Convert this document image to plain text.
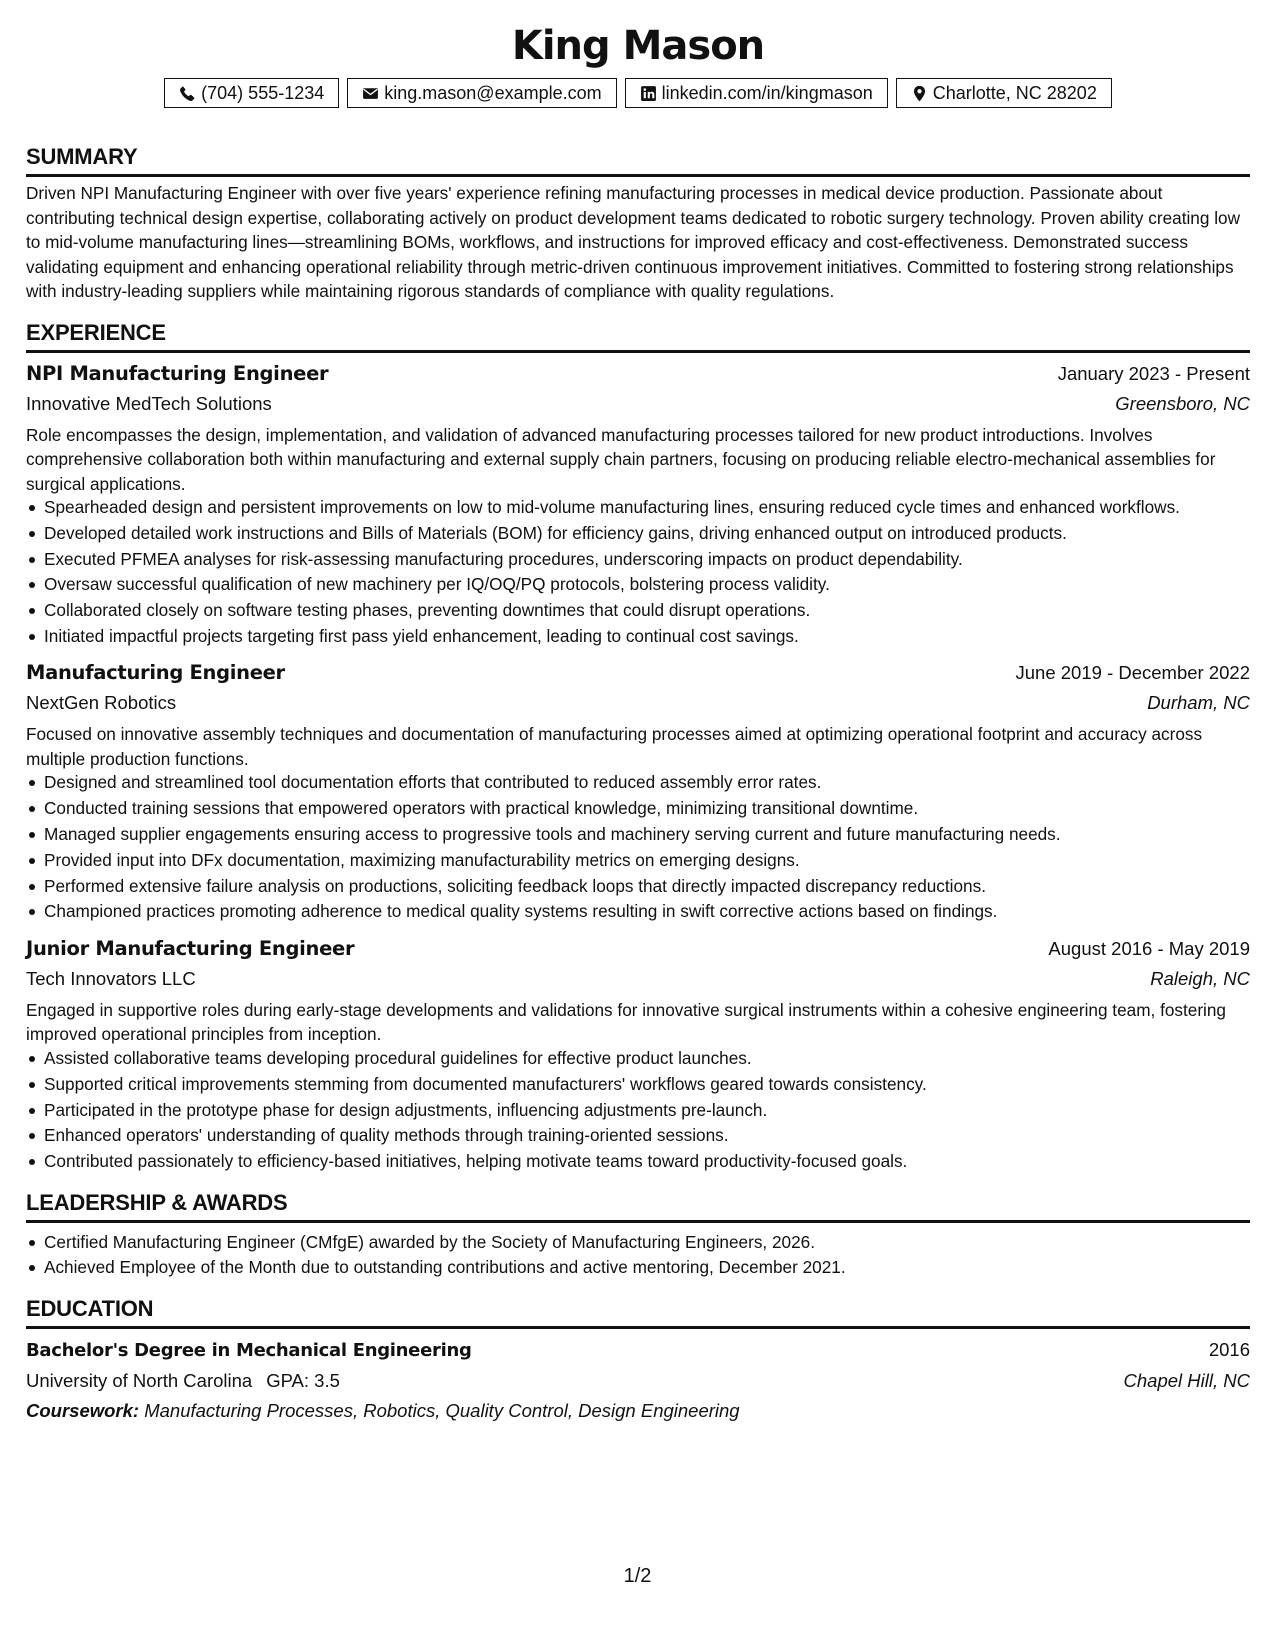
King Mason
(704) 555-1234	king.mason@example.com	linkedin.com/in/kingmason	Charlotte, NC 28202
SUMMARY

Driven NPI Manufacturing Engineer with over five years' experience refining manufacturing processes in medical device production. Passionate about contributing technical design expertise, collaborating actively on product development teams dedicated to robotic surgery technology. Proven ability creating low to mid-volume manufacturing lines—streamlining BOMs, workflows, and instructions for improved efficacy and cost-effectiveness. Demonstrated success validating equipment and enhancing operational reliability through metric-driven continuous improvement initiatives. Committed to fostering strong relationships with industry-leading suppliers while maintaining rigorous standards of compliance with quality regulations.

EXPERIENCE
NPI Manufacturing Engineer	January 2023 - Present
Innovative MedTech Solutions	Greensboro, NC

Role encompasses the design, implementation, and validation of advanced manufacturing processes tailored for new product introductions. Involves comprehensive collaboration both within manufacturing and external supply chain partners, focusing on producing reliable electro-mechanical assemblies for surgical applications.

Spearheaded design and persistent improvements on low to mid-volume manufacturing lines, ensuring reduced cycle times and enhanced workflows.
Developed detailed work instructions and Bills of Materials (BOM) for efficiency gains, driving enhanced output on introduced products.
Executed PFMEA analyses for risk-assessing manufacturing procedures, underscoring impacts on product dependability.
Oversaw successful qualification of new machinery per IQ/OQ/PQ protocols, bolstering process validity.
Collaborated closely on software testing phases, preventing downtimes that could disrupt operations.
Initiated impactful projects targeting first pass yield enhancement, leading to continual cost savings.
Manufacturing Engineer	June 2019 - December 2022
NextGen Robotics	Durham, NC

Focused on innovative assembly techniques and documentation of manufacturing processes aimed at optimizing operational footprint and accuracy across multiple production functions.

Designed and streamlined tool documentation efforts that contributed to reduced assembly error rates.
Conducted training sessions that empowered operators with practical knowledge, minimizing transitional downtime.
Managed supplier engagements ensuring access to progressive tools and machinery serving current and future manufacturing needs.
Provided input into DFx documentation, maximizing manufacturability metrics on emerging designs.
Performed extensive failure analysis on productions, soliciting feedback loops that directly impacted discrepancy reductions.
Championed practices promoting adherence to medical quality systems resulting in swift corrective actions based on findings.
Junior Manufacturing Engineer	August 2016 - May 2019
Tech Innovators LLC	Raleigh, NC

Engaged in supportive roles during early-stage developments and validations for innovative surgical instruments within a cohesive engineering team, fostering improved operational principles from inception.

Assisted collaborative teams developing procedural guidelines for effective product launches.
Supported critical improvements stemming from documented manufacturers' workflows geared towards consistency.
Participated in the prototype phase for design adjustments, influencing adjustments pre-launch.
Enhanced operators' understanding of quality methods through training-oriented sessions.
Contributed passionately to efficiency-based initiatives, helping motivate teams toward productivity-focused goals.
LEADERSHIP & AWARDS
Certified Manufacturing Engineer (CMfgE) awarded by the Society of Manufacturing Engineers, 2026.
Achieved Employee of the Month due to outstanding contributions and active mentoring, December 2021.
EDUCATION
Bachelor's Degree in Mechanical Engineering	2016
University of North Carolina GPA: 3.5	Chapel Hill, NC
Coursework: Manufacturing Processes, Robotics, Quality Control, Design Engineering
1/2
